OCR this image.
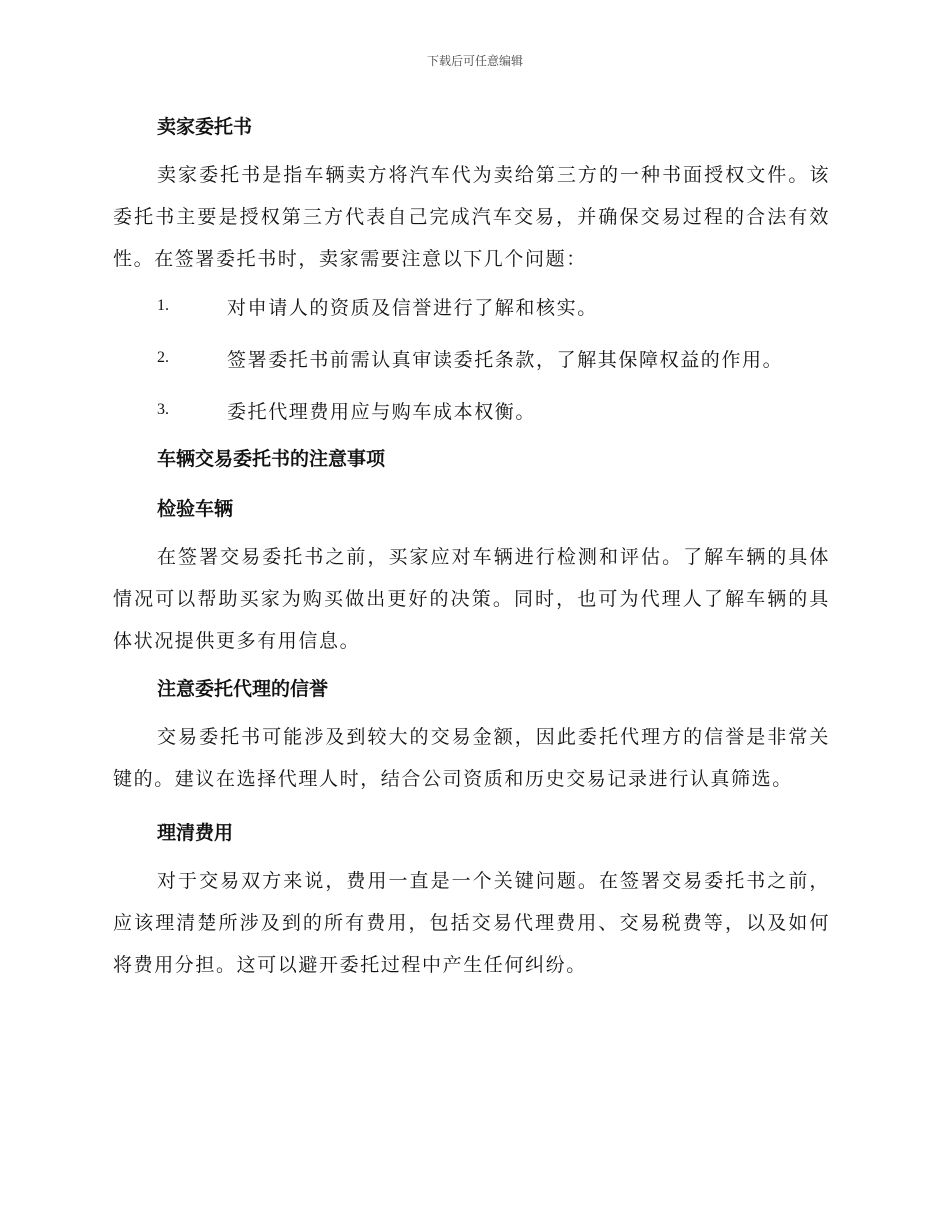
下载后可任意编辑
卖家委托书

卖家委托书是指车辆卖方将汽车代为卖给第三方的一种书面授权文件。该委托书主要是授权第三方代表自己完成汽车交易，并确保交易过程的合法有效性。在签署委托书时，卖家需要注意以下几个问题：

1.	对申请人的资质及信誉进行了解和核实。
2.	签署委托书前需认真审读委托条款，了解其保障权益的作用。
3.	委托代理费用应与购车成本权衡。
车辆交易委托书的注意事项
检验车辆

在签署交易委托书之前，买家应对车辆进行检测和评估。了解车辆的具体情况可以帮助买家为购买做出更好的决策。同时，也可为代理人了解车辆的具体状况提供更多有用信息。

注意委托代理的信誉

交易委托书可能涉及到较大的交易金额，因此委托代理方的信誉是非常关键的。建议在选择代理人时，结合公司资质和历史交易记录进行认真筛选。

理清费用

对于交易双方来说，费用一直是一个关键问题。在签署交易委托书之前，应该理清楚所涉及到的所有费用，包括交易代理费用、交易税费等，以及如何将费用分担。这可以避开委托过程中产生任何纠纷。
